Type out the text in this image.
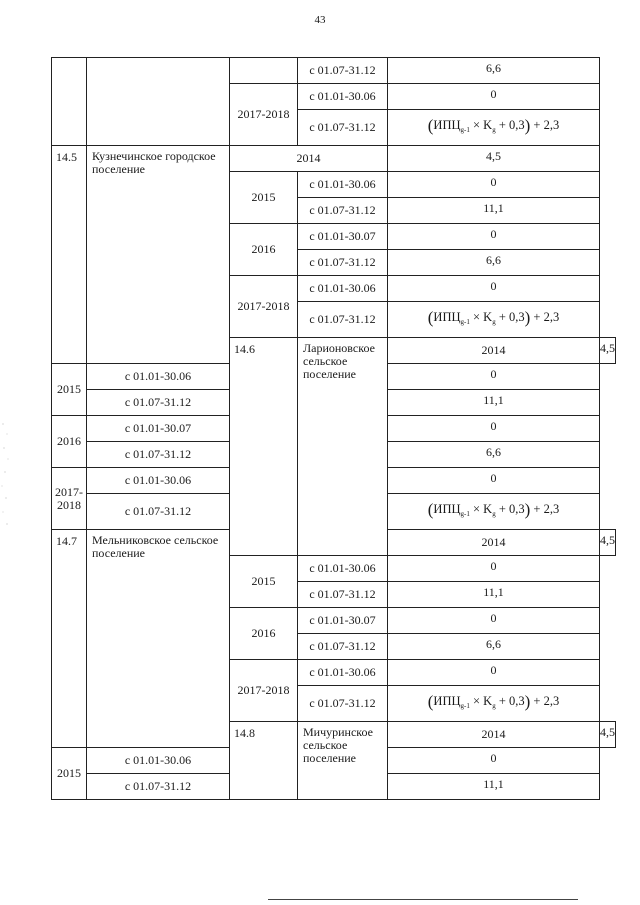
43
			с 01.07-31.12	6,6	
		2017-2018	с 01.01-30.06	0	
			с 01.07-31.12	$(ИПЦ_{g-1} \times K_g + 0,3) + 2,3$	
14.5	Кузнечинское городское поселение	2014		4,5	
		2015	с 01.01-30.06	0	
			с 01.07-31.12	11,1	
		2016	с 01.01-30.07	0	
			с 01.07-31.12	6,6	
		2017-2018	с 01.01-30.06	0	
			с 01.07-31.12	$(ИПЦ_{g-1} \times K_g + 0,3) + 2,3$	
		14.6	Ларионовское сельское поселение	2014	4,5
2015	с 01.01-30.06			0	
	с 01.07-31.12			11,1	
2016	с 01.01-30.07			0	
	с 01.07-31.12			6,6	
2017-2018	с 01.01-30.06			0	
	с 01.07-31.12			$(ИПЦ_{g-1} \times K_g + 0,3) + 2,3$	
14.7	Мельниковское сельское поселение			2014	4,5
		2015	с 01.01-30.06	0	
			с 01.07-31.12	11,1	
		2016	с 01.01-30.07	0	
			с 01.07-31.12	6,6	
		2017-2018	с 01.01-30.06	0	
			с 01.07-31.12	$(ИПЦ_{g-1} \times K_g + 0,3) + 2,3$	
		14.8	Мичуринское сельское поселение	2014	4,5
2015	с 01.01-30.06			0	
	с 01.07-31.12			11,1	
